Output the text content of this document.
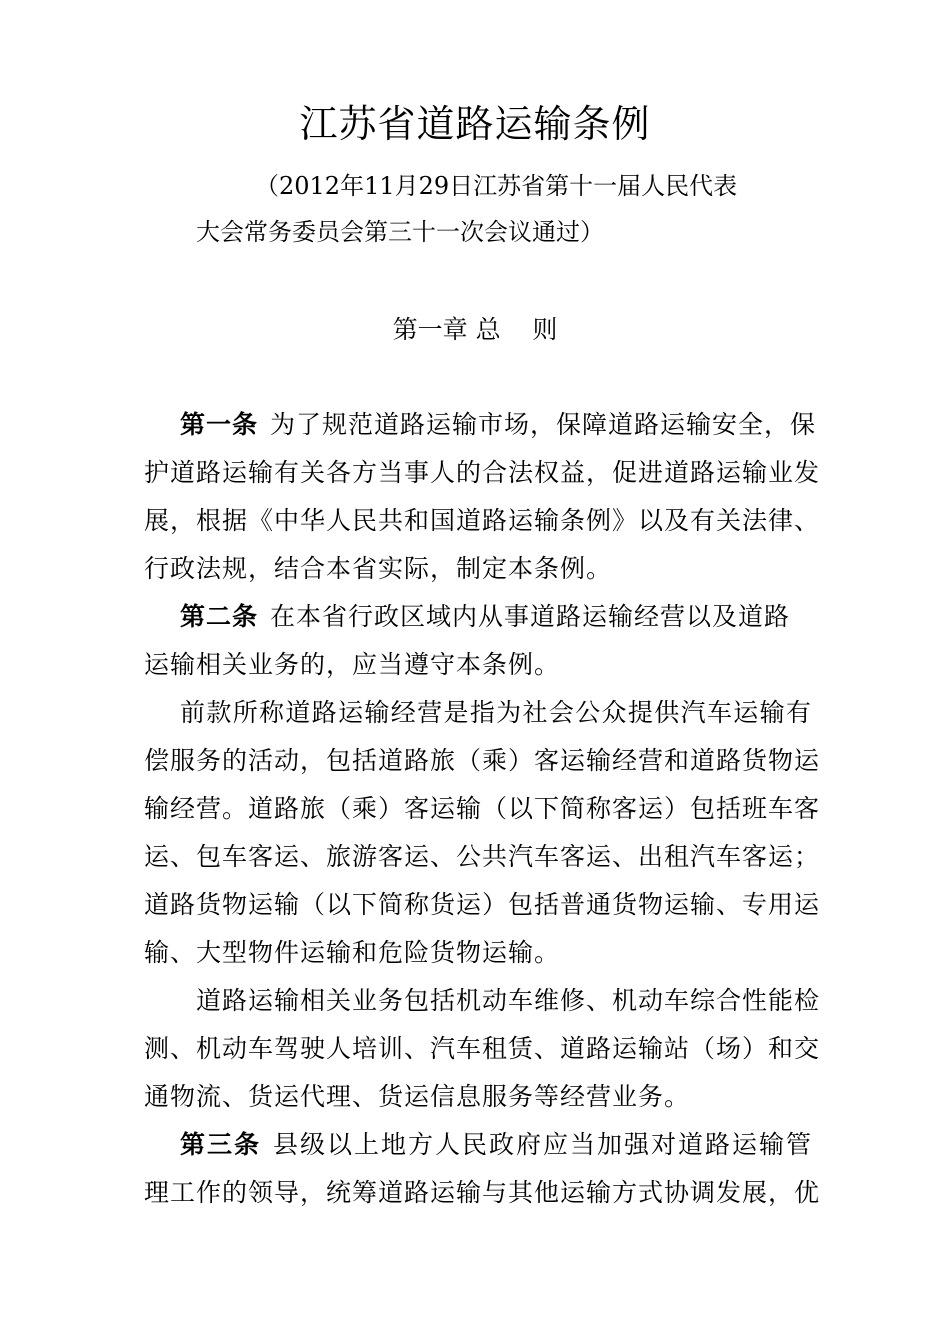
江苏省道路运输条例
（2012年11月29日江苏省第十一届人民代表
大会常务委员会第三十一次会议通过）
第一章 总    则
第一条 为了规范道路运输市场，保障道路运输安全，保
护道路运输有关各方当事人的合法权益，促进道路运输业发
展，根据《中华人民共和国道路运输条例》以及有关法律、
行政法规，结合本省实际，制定本条例。
第二条 在本省行政区域内从事道路运输经营以及道路
运输相关业务的，应当遵守本条例。
前款所称道路运输经营是指为社会公众提供汽车运输有
偿服务的活动，包括道路旅（乘）客运输经营和道路货物运
输经营。道路旅（乘）客运输（以下简称客运）包括班车客
运、包车客运、旅游客运、公共汽车客运、出租汽车客运；
道路货物运输（以下简称货运）包括普通货物运输、专用运
输、大型物件运输和危险货物运输。
道路运输相关业务包括机动车维修、机动车综合性能检
测、机动车驾驶人培训、汽车租赁、道路运输站（场）和交
通物流、货运代理、货运信息服务等经营业务。
第三条 县级以上地方人民政府应当加强对道路运输管
理工作的领导，统筹道路运输与其他运输方式协调发展，优
